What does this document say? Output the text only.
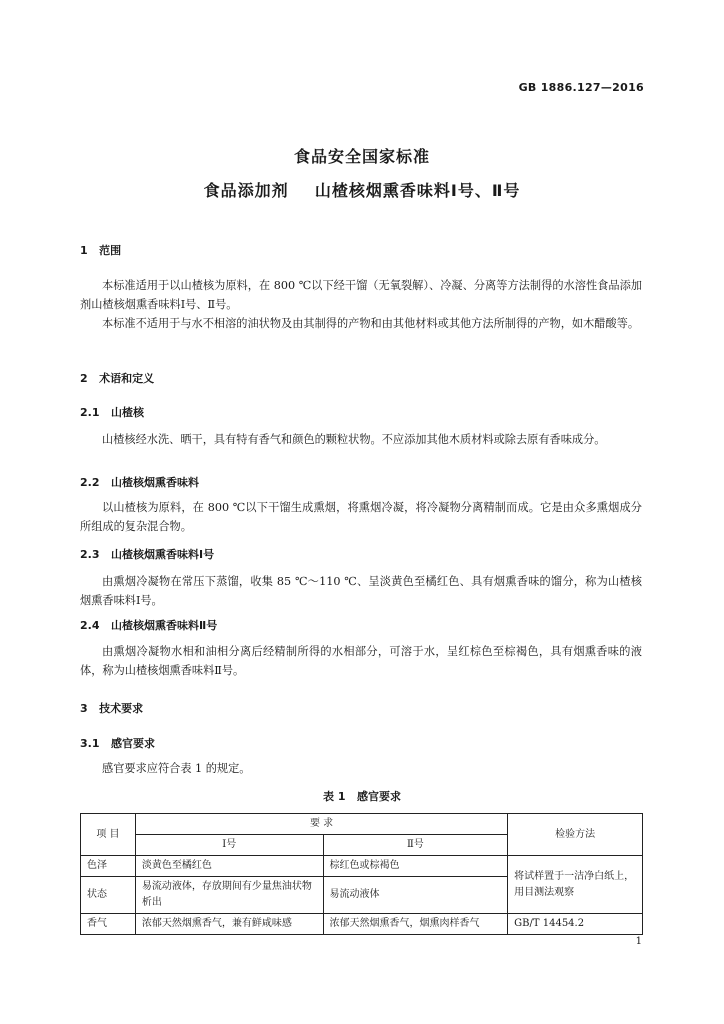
GB 1886.127—2016
食品安全国家标准
食品添加剂    山楂核烟熏香味料Ⅰ号、Ⅱ号
1   范围

本标准适用于以山楂核为原料，在 800 ℃以下经干馏（无氧裂解）、冷凝、分离等方法制得的水溶性食品添加剂山楂核烟熏香味料Ⅰ号、Ⅱ号。

本标准不适用于与水不相溶的油状物及由其制得的产物和由其他材料或其他方法所制得的产物，如木醋酸等。

2   术语和定义
2.1   山楂核

山楂核经水洗、晒干，具有特有香气和颜色的颗粒状物。不应添加其他木质材料或除去原有香味成分。

2.2   山楂核烟熏香味料

以山楂核为原料，在 800 ℃以下干馏生成熏烟，将熏烟冷凝，将冷凝物分离精制而成。它是由众多熏烟成分所组成的复杂混合物。

2.3   山楂核烟熏香味料Ⅰ号

由熏烟冷凝物在常压下蒸馏，收集 85 ℃～110 ℃、呈淡黄色至橘红色、具有烟熏香味的馏分，称为山楂核烟熏香味料Ⅰ号。

2.4   山楂核烟熏香味料Ⅱ号

由熏烟冷凝物水相和油相分离后经精制所得的水相部分，可溶于水，呈红棕色至棕褐色，具有烟熏香味的液体，称为山楂核烟熏香味料Ⅱ号。

3   技术要求
3.1   感官要求

感官要求应符合表 1 的规定。

表 1   感官要求
项 目	要 求		检验方法
	Ⅰ号	Ⅱ号	
色泽	淡黄色至橘红色	棕红色或棕褐色	将试样置于一洁净白纸上，用目测法观察
状态	易流动液体，存放期间有少量焦油状物析出	易流动液体	
香气	浓郁天然烟熏香气，兼有鲜咸味感	浓郁天然烟熏香气，烟熏肉样香气	GB/T 14454.2
1
